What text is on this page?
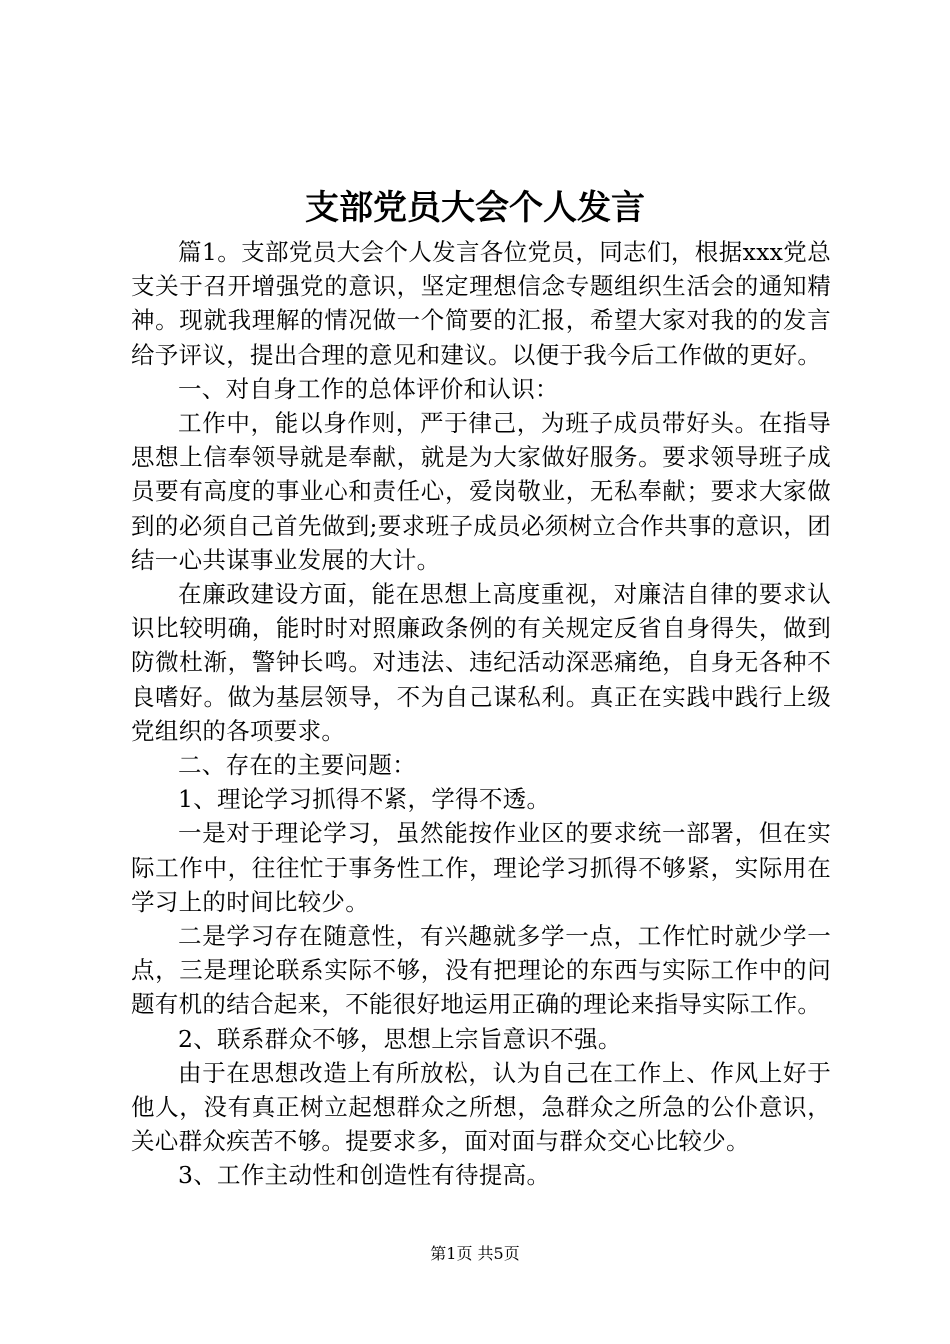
支部党员大会个人发言

篇1。支部党员大会个人发言各位党员，同志们，根据xxx党总支关于召开增强党的意识，坚定理想信念专题组织生活会的通知精神。现就我理解的情况做一个简要的汇报，希望大家对我的的发言给予评议，提出合理的意见和建议。以便于我今后工作做的更好。

一、对自身工作的总体评价和认识：

工作中，能以身作则，严于律己，为班子成员带好头。在指导思想上信奉领导就是奉献，就是为大家做好服务。要求领导班子成员要有高度的事业心和责任心，爱岗敬业，无私奉献；要求大家做到的必须自己首先做到;要求班子成员必须树立合作共事的意识，团结一心共谋事业发展的大计。

在廉政建设方面，能在思想上高度重视，对廉洁自律的要求认识比较明确，能时时对照廉政条例的有关规定反省自身得失，做到防微杜渐，警钟长鸣。对违法、违纪活动深恶痛绝，自身无各种不良嗜好。做为基层领导，不为自己谋私利。真正在实践中践行上级党组织的各项要求。

二、存在的主要问题：

1、理论学习抓得不紧，学得不透。

一是对于理论学习，虽然能按作业区的要求统一部署，但在实际工作中，往往忙于事务性工作，理论学习抓得不够紧，实际用在学习上的时间比较少。

二是学习存在随意性，有兴趣就多学一点，工作忙时就少学一点，三是理论联系实际不够，没有把理论的东西与实际工作中的问题有机的结合起来，不能很好地运用正确的理论来指导实际工作。

2、联系群众不够，思想上宗旨意识不强。

由于在思想改造上有所放松，认为自己在工作上、作风上好于他人，没有真正树立起想群众之所想，急群众之所急的公仆意识，关心群众疾苦不够。提要求多，面对面与群众交心比较少。

3、工作主动性和创造性有待提高。

第1页 共5页
